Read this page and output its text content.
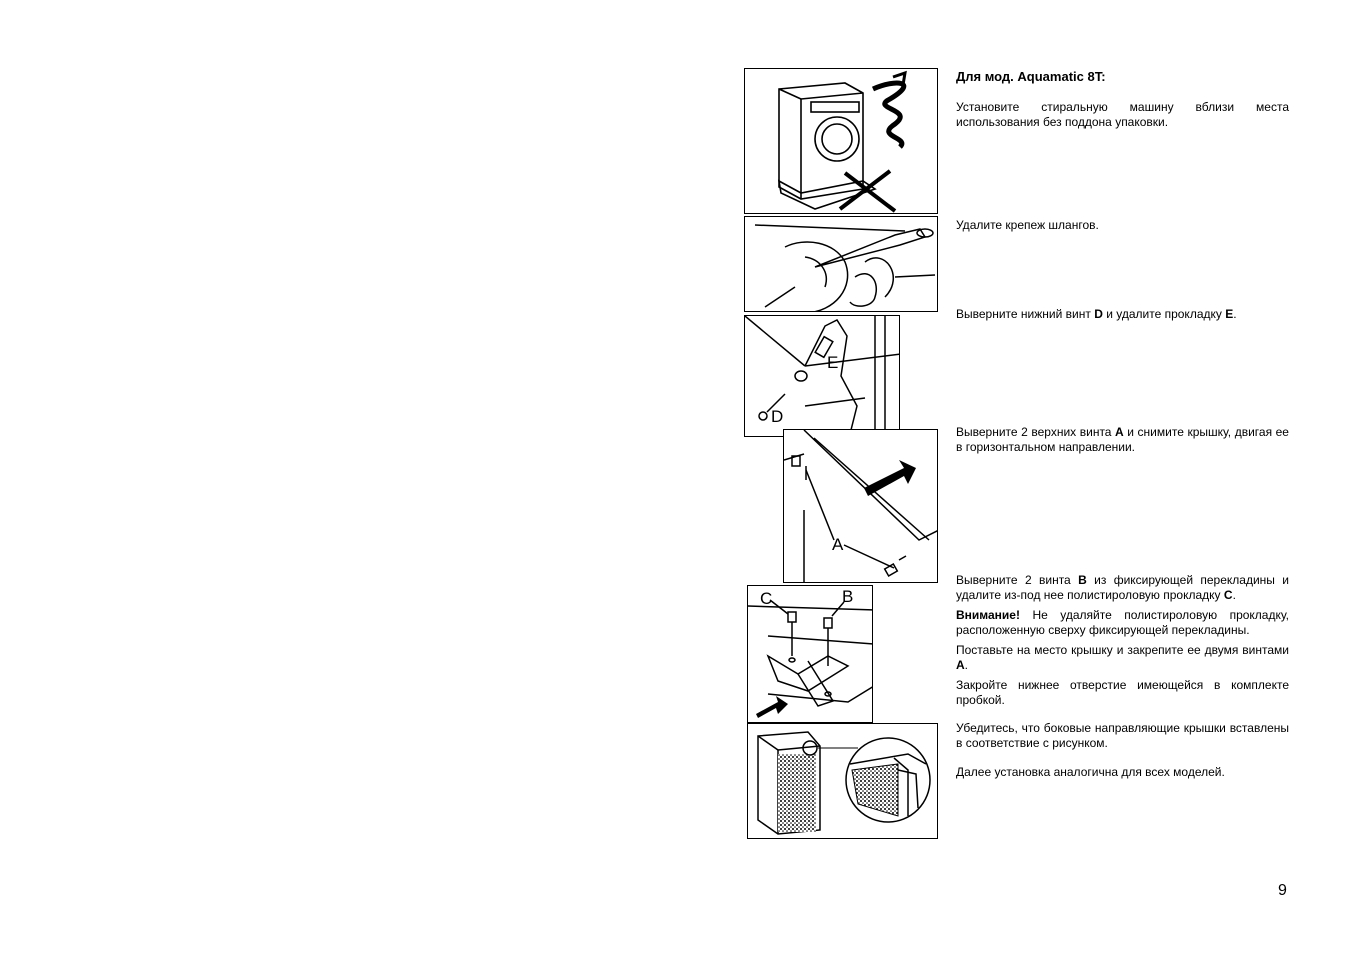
E
D
A
C	B
Для мод. Aquamatic 8T:
Установите стиральную машину вблизи места использования без поддона упаковки.
Удалите крепеж шлангов.
Выверните нижний винт D и удалите прокладку E.
Выверните 2 верхних винта A и снимите крышку, двигая ее в горизонтальном направлении.
Выверните 2 винта B из фиксирующей перекладины и удалите из-под нее полистироловую прокладку C.
Внимание! Не удаляйте полистироловую прокладку, расположенную сверху фиксирующей перекладины.
Поставьте на место крышку и закрепите ее двумя винтами A.
Закройте нижнее отверстие имеющейся в комплекте пробкой.
Убедитесь, что боковые направляющие крышки вставлены в соответствие с рисунком.
Далее установка аналогична для всех моделей.
9
